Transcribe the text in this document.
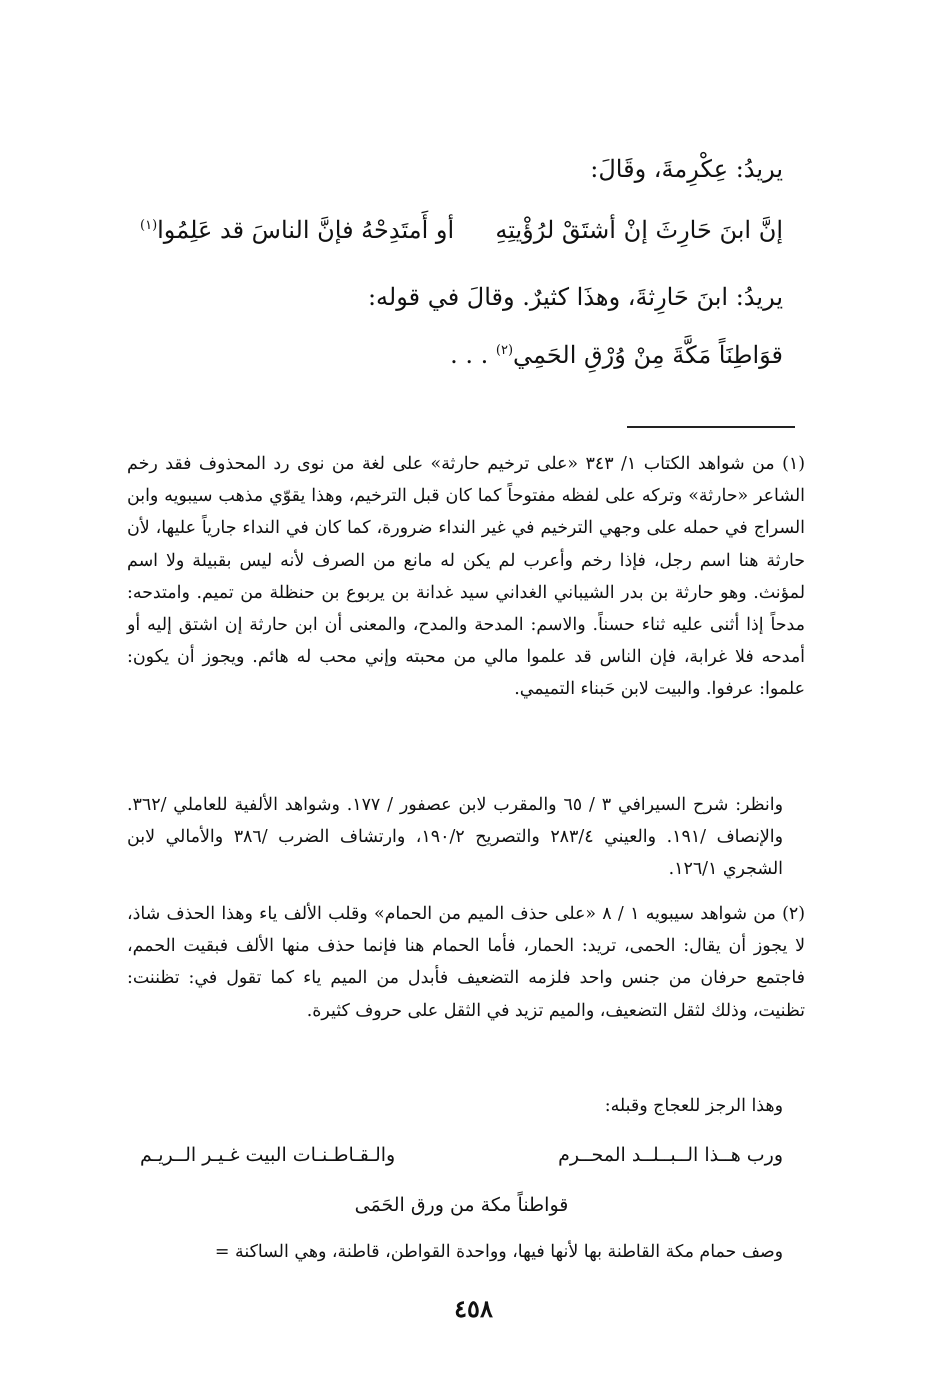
يريدُ: عِكْرِمةَ، وقَالَ:

إنَّ ابنَ حَارِثَ إنْ أشتَقْ لرُؤْيتِهِ
أو أَمتَدِحْهُ فإنَّ الناسَ قد عَلِمُوا$^{(١)}$

يريدُ: ابنَ حَارِثةَ، وهذَا كثيرٌ. وقالَ في قوله:

قوَاطِنَاً مَكَّةَ مِنْ وُرْقِ الحَمِي$^{(٢)}$ . . .

(١) من شواهد الكتاب ١/ ٣٤٣ «على ترخيم حارثة» على لغة من نوى رد المحذوف فقد رخم الشاعر «حارثة» وتركه على لفظه مفتوحاً كما كان قبل الترخيم، وهذا يقوّي مذهب سيبويه وابن السراج في حمله على وجهي الترخيم في غير النداء ضرورة، كما كان في النداء جارياً عليها، لأن حارثة هنا اسم رجل، فإذا رخم وأعرب لم يكن له مانع من الصرف لأنه ليس بقبيلة ولا اسم لمؤنث. وهو حارثة بن بدر الشيباني الغداني سيد غدانة بن يربوع بن حنظلة من تميم. وامتدحه: مدحاً إذا أثنى عليه ثناء حسناً. والاسم: المدحة والمدح، والمعنى أن ابن حارثة إن اشتق إليه أو أمدحه فلا غرابة، فإن الناس قد علموا مالي من محبته وإني محب له هائم. ويجوز أن يكون: علموا: عرفوا. والبيت لابن حَبناء التميمي.

وانظر: شرح السيرافي ٣ / ٦٥ والمقرب لابن عصفور / ١٧٧. وشواهد الألفية للعاملي /٣٦٢. والإنصاف /١٩١. والعيني ٢٨٣/٤ والتصريح ١٩٠/٢، وارتشاف الضرب /٣٨٦ والأمالي لابن الشجري ١٢٦/١.

(٢) من شواهد سيبويه ١ / ٨ «على حذف الميم من الحمام» وقلب الألف ياء وهذا الحذف شاذ، لا يجوز أن يقال: الحمى، تريد: الحمار، فأما الحمام هنا فإنما حذف منها الألف فبقيت الحمم، فاجتمع حرفان من جنس واحد فلزمه التضعيف فأبدل من الميم ياء كما تقول في: تظننت: تظنيت، وذلك لثقل التضعيف، والميم تزيد في الثقل على حروف كثيرة.

وهذا الرجز للعجاج وقبله:

ورب هــذا الــبــلــد المحــرم
والـقـاطـنـات البيت غـيـر الــريـم

قواطناً مكة من ورق الحَمَى

وصف حمام مكة القاطنة بها لأنها فيها، وواحدة القواطن، قاطنة، وهي الساكنة =

٤٥٨
